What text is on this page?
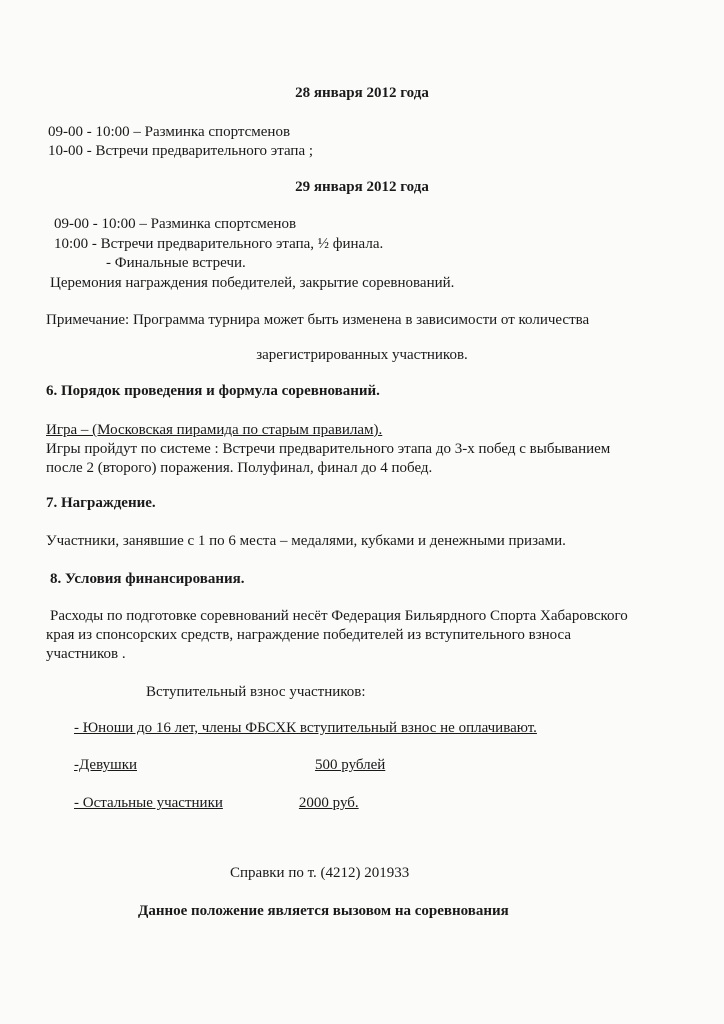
28 января 2012 года
09-00 - 10:00 – Разминка спортсменов
10-00 - Встречи предварительного этапа ;
29 января 2012 года
09-00 - 10:00 – Разминка спортсменов
10:00 - Встречи предварительного этапа, ½ финала.
- Финальные встречи.
Церемония награждения победителей, закрытие соревнований.
Примечание: Программа турнира может быть изменена в зависимости от количества
зарегистрированных участников.
6. Порядок проведения и формула соревнований.
Игра – (Московская пирамида по старым правилам).
Игры пройдут по системе : Встречи предварительного этапа до 3-х побед с выбыванием
после 2 (второго) поражения. Полуфинал, финал до 4 побед.
7. Награждение.
Участники, занявшие с 1 по 6 места – медалями, кубками и денежными призами.
8. Условия финансирования.
Расходы по подготовке соревнований несёт Федерация Бильярдного Спорта Хабаровского
края из спонсорских средств, награждение победителей из вступительного взноса
участников .
Вступительный взнос участников:
- Юноши до 16 лет, члены ФБСХК вступительный взнос не оплачивают.
-Девушки	500 рублей
- Остальные участники	2000 руб.
Справки по т. (4212) 201933
Данное положение является вызовом на соревнования
